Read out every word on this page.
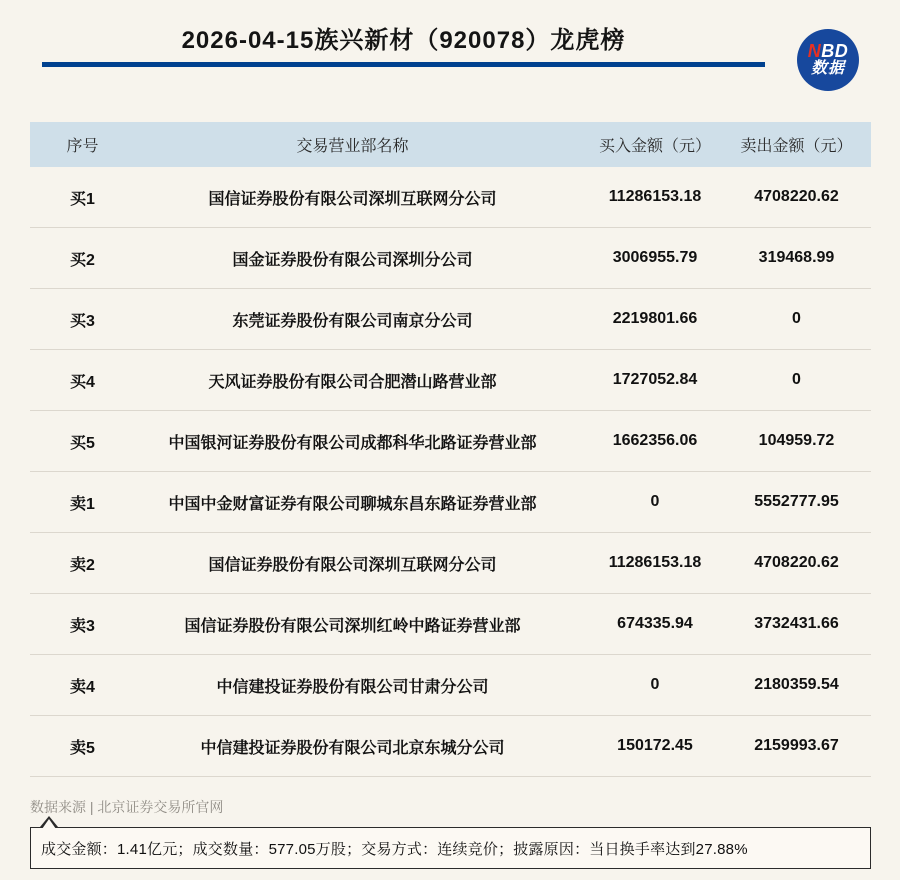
2026-04-15族兴新材（920078）龙虎榜	NBD
数据
序号	交易营业部名称	买入金额（元）	卖出金额（元）
买1	国信证券股份有限公司深圳互联网分公司	11286153.18	4708220.62
买2	国金证券股份有限公司深圳分公司	3006955.79	319468.99
买3	东莞证券股份有限公司南京分公司	2219801.66	0
买4	天风证券股份有限公司合肥潜山路营业部	1727052.84	0
买5	中国银河证券股份有限公司成都科华北路证券营业部	1662356.06	104959.72
卖1	中国中金财富证券有限公司聊城东昌东路证券营业部	0	5552777.95
卖2	国信证券股份有限公司深圳互联网分公司	11286153.18	4708220.62
卖3	国信证券股份有限公司深圳红岭中路证券营业部	674335.94	3732431.66
卖4	中信建投证券股份有限公司甘肃分公司	0	2180359.54
卖5	中信建投证券股份有限公司北京东城分公司	150172.45	2159993.67
数据来源 | 北京证券交易所官网
成交金额：1.41亿元；成交数量：577.05万股；交易方式：连续竞价；披露原因：当日换手率达到27.88%
